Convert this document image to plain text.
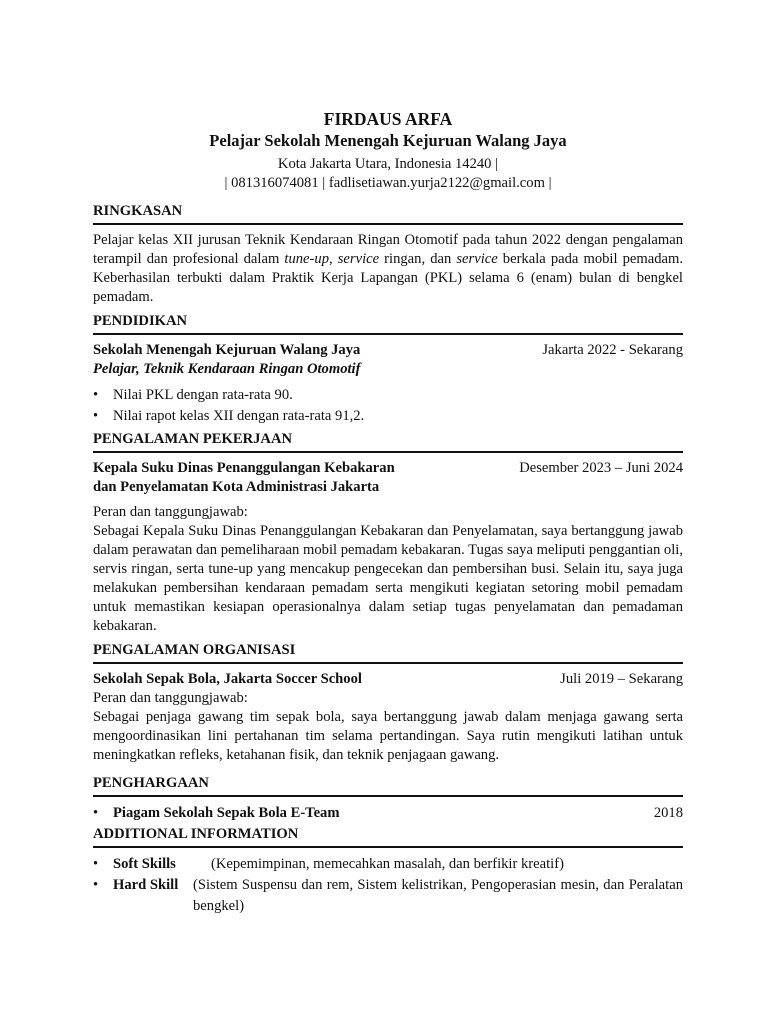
FIRDAUS ARFA
Pelajar Sekolah Menengah Kejuruan Walang Jaya
Kota Jakarta Utara, Indonesia 14240 |
| 081316074081 | fadlisetiawan.yurja2122@gmail.com |
RINGKASAN
Pelajar kelas XII jurusan Teknik Kendaraan Ringan Otomotif pada tahun 2022 dengan pengalaman terampil dan profesional dalam tune-up, service ringan, dan service berkala pada mobil pemadam. Keberhasilan terbukti dalam Praktik Kerja Lapangan (PKL) selama 6 (enam) bulan di bengkel pemadam.
PENDIDIKAN
Sekolah Menengah Kejuruan Walang Jaya	Jakarta 2022 - Sekarang
Pelajar, Teknik Kendaraan Ringan Otomotif
• Nilai PKL dengan rata-rata 90.
• Nilai rapot kelas XII dengan rata-rata 91,2.
PENGALAMAN PEKERJAAN
Kepala Suku Dinas Penanggulangan Kebakaran
dan Penyelamatan Kota Administrasi Jakarta
Desember 2023 – Juni 2024
Peran dan tanggungjawab:
Sebagai Kepala Suku Dinas Penanggulangan Kebakaran dan Penyelamatan, saya bertanggung jawab dalam perawatan dan pemeliharaan mobil pemadam kebakaran. Tugas saya meliputi penggantian oli, servis ringan, serta tune-up yang mencakup pengecekan dan pembersihan busi. Selain itu, saya juga melakukan pembersihan kendaraan pemadam serta mengikuti kegiatan setoring mobil pemadam untuk memastikan kesiapan operasionalnya dalam setiap tugas penyelamatan dan pemadaman kebakaran.
PENGALAMAN ORGANISASI
Sekolah Sepak Bola, Jakarta Soccer School	Juli 2019 – Sekarang
Peran dan tanggungjawab:
Sebagai penjaga gawang tim sepak bola, saya bertanggung jawab dalam menjaga gawang serta mengoordinasikan lini pertahanan tim selama pertandingan. Saya rutin mengikuti latihan untuk meningkatkan refleks, ketahanan fisik, dan teknik penjagaan gawang.
PENGHARGAAN
• Piagam Sekolah Sepak Bola E-Team	2018
ADDITIONAL INFORMATION
• Soft Skills	(Kepemimpinan, memecahkan masalah, dan berfikir kreatif)
• Hard Skill	(Sistem Suspensu dan rem, Sistem kelistrikan, Pengoperasian mesin, dan Peralatan bengkel)
